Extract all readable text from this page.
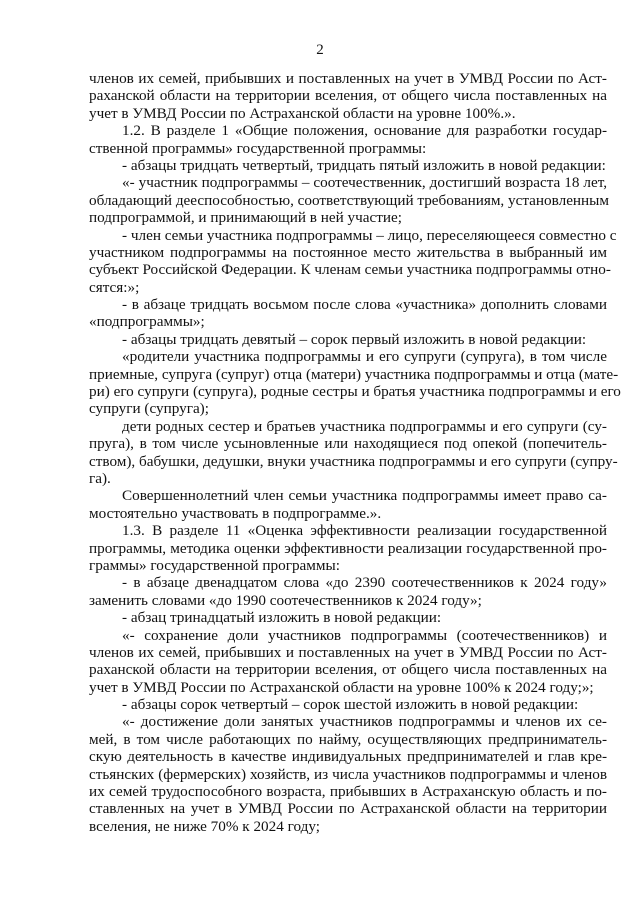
2
членов их семей, прибывших и поставленных на учет в УМВД России по Аст-
раханской области на территории вселения, от общего числа поставленных на
учет в УМВД России по Астраханской области на уровне 100%.».
1.2. В разделе 1 «Общие положения, основание для разработки государ-
ственной программы» государственной программы:
- абзацы тридцать четвертый, тридцать пятый изложить в новой редакции:
«- участник подпрограммы – соотечественник, достигший возраста 18 лет,
обладающий дееспособностью, соответствующий требованиям, установленным
подпрограммой, и принимающий в ней участие;
- член семьи участника подпрограммы – лицо, переселяющееся совместно с
участником подпрограммы на постоянное место жительства в выбранный им
субъект Российской Федерации. К членам семьи участника подпрограммы отно-
сятся:»;
- в абзаце тридцать восьмом после слова «участника» дополнить словами
«подпрограммы»;
- абзацы тридцать девятый – сорок первый изложить в новой редакции:
«родители участника подпрограммы и его супруги (супруга), в том числе
приемные, супруга (супруг) отца (матери) участника подпрограммы и отца (мате-
ри) его супруги (супруга), родные сестры и братья участника подпрограммы и его
супруги (супруга);
дети родных сестер и братьев участника подпрограммы и его супруги (су-
пруга), в том числе усыновленные или находящиеся под опекой (попечитель-
ством), бабушки, дедушки, внуки участника подпрограммы и его супруги (супру-
га).
Совершеннолетний член семьи участника подпрограммы имеет право са-
мостоятельно участвовать в подпрограмме.».
1.3. В разделе 11 «Оценка эффективности реализации государственной
программы, методика оценки эффективности реализации государственной про-
граммы» государственной программы:
- в абзаце двенадцатом слова «до 2390 соотечественников к 2024 году»
заменить словами «до 1990 соотечественников к 2024 году»;
- абзац тринадцатый изложить в новой редакции:
«- сохранение доли участников подпрограммы (соотечественников) и
членов их семей, прибывших и поставленных на учет в УМВД России по Аст-
раханской области на территории вселения, от общего числа поставленных на
учет в УМВД России по Астраханской области на уровне 100% к 2024 году;»;
- абзацы сорок четвертый – сорок шестой изложить в новой редакции:
«- достижение доли занятых участников подпрограммы и членов их се-
мей, в том числе работающих по найму, осуществляющих предприниматель-
скую деятельность в качестве индивидуальных предпринимателей и глав кре-
стьянских (фермерских) хозяйств, из числа участников подпрограммы и членов
их семей трудоспособного возраста, прибывших в Астраханскую область и по-
ставленных на учет в УМВД России по Астраханской области на территории
вселения, не ниже 70% к 2024 году;
